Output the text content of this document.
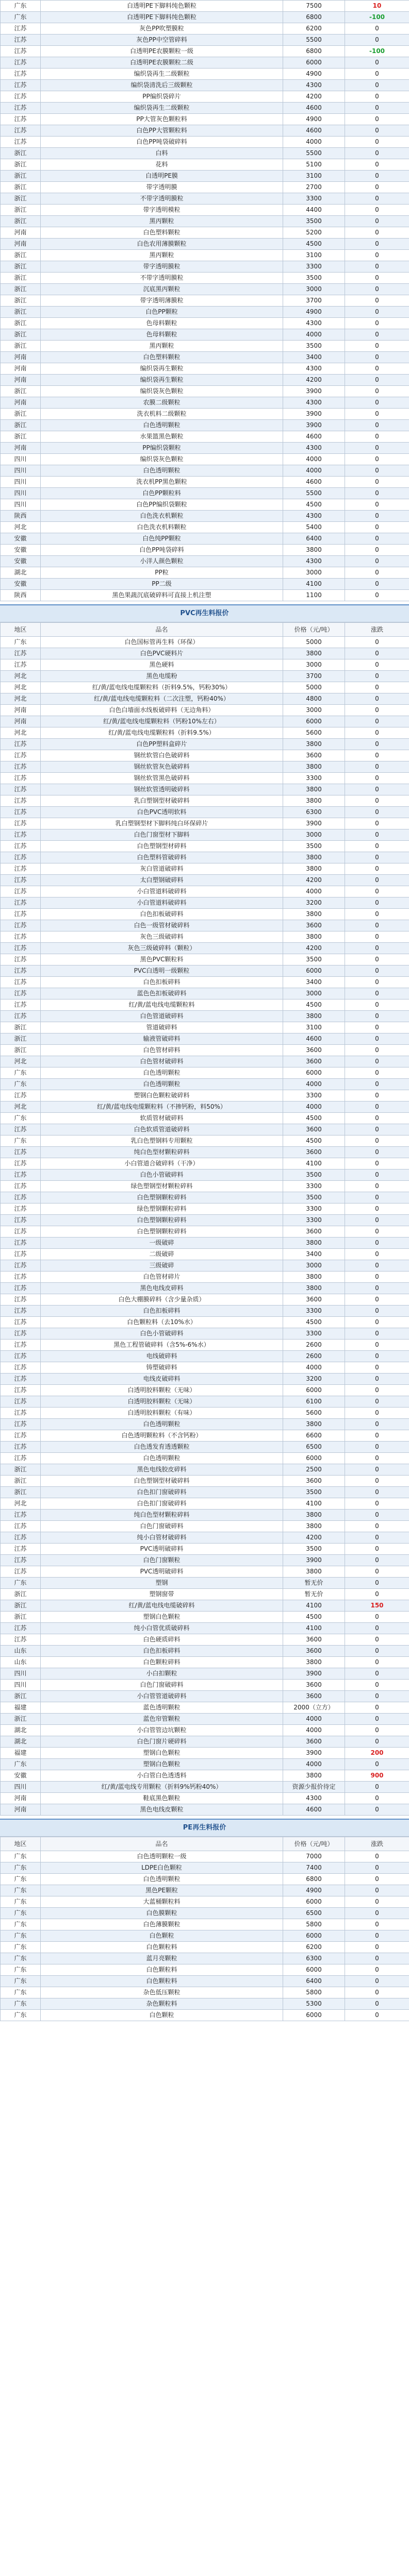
广东	白透明PE下脚料纯色颗粒	7500	10
广东	白透明PE下脚料纯色颗粒	6800	-100
江苏	灰色PP吹塑膜粒	6200	0
江苏	灰色PP中空管碎料	5500	0
江苏	白透明PE农膜颗粒一级	6800	-100
江苏	白透明PE农膜颗粒二级	6000	0
江苏	编织袋再生二级颗粒	4900	0
江苏	编织袋清洗后三级颗粒	4300	0
江苏	PP编织袋碎片	4200	0
江苏	编织袋再生二级颗粒	4600	0
江苏	PP大管灰色颗粒料	4900	0
江苏	白色PP大管颗粒料	4600	0
江苏	白色PP吨袋破碎料	4000	0
浙江	白料	5500	0
浙江	花料	5100	0
浙江	白透明PE膜	3100	0
浙江	带字透明膜	2700	0
浙江	不带字透明膜粒	3300	0
浙江	带字透明模粒	4400	0
浙江	黑丙颗粒	3500	0
河南	白色塑料颗粒	5200	0
河南	白色农用薄膜颗粒	4500	0
浙江	黑丙颗粒	3100	0
浙江	带字透明膜粒	3300	0
浙江	不带字透明膜粒	3500	0
浙江	沉底黑丙颗粒	3000	0
浙江	带字透明薄膜粒	3700	0
浙江	白色PP颗粒	4900	0
浙江	色母料颗粒	4300	0
浙江	色母料颗粒	4000	0
浙江	黑丙颗粒	3500	0
河南	白色塑料颗粒	3400	0
河南	编织袋再生颗粒	4300	0
河南	编织袋再生颗粒	4200	0
浙江	编织袋灰色颗粒	3900	0
河南	农膜二级颗粒	4300	0
浙江	洗衣机料二级颗粒	3900	0
浙江	白色透明颗粒	3900	0
浙江	水果篮黑色颗粒	4600	0
河南	PP编织袋颗粒	4300	0
四川	编织袋灰色颗粒	4000	0
四川	白色透明颗粒	4000	0
四川	洗衣机PP黑色颗粒	4600	0
四川	白色PP颗粒料	5500	0
四川	白色PP编织袋颗粒	4500	0
陕西	白色洗衣机颗粒	4300	0
河北	白色洗衣机料颗粒	5400	0
安徽	白色纯PP颗粒	6400	0
安徽	白色PP吨袋碎料	3800	0
安徽	小洋人颜色颗粒	4300	0
湖北	PP粒	3000	0
安徽	PP二级	4100	0
陕西	黑色果蔬沉底破碎料可直接上机注塑	1100	0
PVC再生料报价
地区	品名	价格（元/吨）	涨跌
广东	白色国标管再生料（环保）	5000	0
江苏	白色PVC硬料片	3800	0
江苏	黑色硬料	3000	0
河北	黑色电缆粉	3700	0
河北	红/黄/蓝电线电缆颗粒料（折料9.5%，钙粉30%）	5000	0
河北	红/黄/蓝电线电缆颗粒料（二次注塑，钙粉40%）	4800	0
河南	白色白墙面水线板破碎料（无边角料）	3000	0
河南	红/黄/蓝电线电缆颗粒料（钙粉10%左右）	6000	0
河北	红/黄/蓝电线电缆颗粒料（折料9.5%）	5600	0
江苏	白色PP塑料盒碎片	3800	0
江苏	钢丝软管白色破碎料	3600	0
江苏	钢丝软管灰色破碎料	3800	0
江苏	钢丝软管黑色破碎料	3300	0
江苏	钢丝软管透明破碎料	3800	0
江苏	乳白塑钢型材破碎料	3800	0
江苏	白色PVC透明软料	6300	0
江苏	乳白塑钢型材下脚料纯白环保碎片	3900	0
江苏	白色门窗型材下脚料	3000	0
江苏	白色塑钢型材碎料	3500	0
江苏	白色塑料管破碎料	3800	0
江苏	灰白管道破碎料	3800	0
江苏	太白塑钢破碎料	4200	0
江苏	小白管道料破碎料	4000	0
江苏	小白管道料破碎料	3200	0
江苏	白色扣板破碎料	3800	0
江苏	白色一级管材破碎料	3600	0
江苏	灰色三级破碎料	3800	0
江苏	灰色三级破碎料（颗粒）	4200	0
江苏	黑色PVC颗粒料	3500	0
江苏	PVC白透明一级颗粒	6000	0
江苏	白色扣板碎料	3400	0
江苏	蓝色色扣板破碎料	3000	0
江苏	红/黄/蓝电线电缆颗粒料	4500	0
江苏	白色管道破碎料	3800	0
浙江	管道破碎料	3100	0
浙江	输液管破碎料	4600	0
浙江	白色管材碎料	3600	0
河北	白色管材破碎料	3600	0
广东	白色透明颗粒	6000	0
广东	白色透明颗粒	4000	0
江苏	塑钢白色颗粒破碎料	3300	0
河北	红/黄/蓝电线电缆颗粒料（不掺钙粉，料50%）	4000	0
广东	软质管材破碎料	4500	0
江苏	白色软质管道破碎料	3600	0
广东	乳白色塑钢料专用颗粒	4500	0
江苏	纯白色型材颗粒碎料	3600	0
江苏	小白管道合破碎料（干净）	4100	0
江苏	白色小管破碎料	3500	0
江苏	绿色塑钢型材颗粒碎料	3300	0
江苏	白色塑钢颗粒碎料	3500	0
江苏	绿色塑钢颗粒碎料	3300	0
江苏	白色塑钢颗粒碎料	3300	0
江苏	白色塑钢颗粒碎料	3600	0
江苏	一级破碎	3800	0
江苏	二级破碎	3400	0
江苏	三级破碎	3000	0
江苏	白色管材碎片	3800	0
江苏	黑色电线皮碎料	3800	0
江苏	白色大棚膜碎料（含少量杂质）	3600	0
江苏	白色扣板碎料	3300	0
江苏	白色颗粒料（去10%水）	4500	0
江苏	白色小管破碎料	3300	0
江苏	黑色工程管破碎料（含5%-6%水）	2600	0
江苏	电线破碎料	2600	0
江苏	铸塑破碎料	4000	0
江苏	电线皮破碎料	3200	0
江苏	白透明胶料颗粒（无味）	6000	0
江苏	白透明胶料颗粒（无味）	6100	0
江苏	白透明胶料颗粒（有味）	5600	0
江苏	白色透明颗粒	3800	0
江苏	白色透明颗粒料（不含钙粉）	6600	0
江苏	白色透发育透透颗粒	6500	0
江苏	白色透明颗粒	6000	0
浙江	黑色电线胶皮碎料	2500	0
浙江	白色塑钢型材破碎料	3600	0
浙江	白色扣门窗破碎料	3500	0
河北	白色扣门窗破碎料	4100	0
江苏	纯白色型材颗粒碎料	3800	0
江苏	白色门窗破碎料	3800	0
江苏	纯小白管材破碎料	4200	0
江苏	PVC透明破碎料	3500	0
江苏	白色门窗颗粒	3900	0
江苏	PVC透明破碎料	3800	0
广东	塑钢	暂无价	0
浙江	塑钢窗带	暂无价	0
浙江	红/黄/蓝电线电缆破碎料	4100	150
浙江	塑钢白色颗粒	4500	0
江苏	纯小白管优质破碎料	4100	0
江苏	白色硬质碎料	3600	0
山东	白色扣板碎料	3600	0
山东	白色颗粒碎料	3800	0
四川	小白扣颗粒	3900	0
四川	白色门窗破碎料	3600	0
浙江	小白管管道破碎料	3600	0
福建	蓝色透明颗粒	2000（立方）	0
浙江	蓝色帘管颗粒	4000	0
湖北	小白管管边坑颗粒	4000	0
湖北	白色门窗片硬碎料	3600	0
福建	塑钢白色颗粒	3900	200
广东	塑钢白色颗粒	4000	0
安徽	小白管白色透透料	3800	900
四川	红/黄/蓝电线专用颗粒（折料9%钙粉40%）	资源少报价待定	0
河南	鞋底黑色颗粒	4300	0
河南	黑色电线皮颗粒	4600	0
PE再生料报价
地区	品名	价格（元/吨）	涨跌
广东	白色透明颗粒一级	7000	0
广东	LDPE白色颗粒	7400	0
广东	白色透明颗粒	6800	0
广东	黑色PE颗粒	4900	0
广东	大蓝桶颗粒料	6000	0
广东	白色膜颗粒	6500	0
广东	白色薄膜颗粒	5800	0
广东	白色颗粒	6000	0
广东	白色颗粒料	6200	0
广东	蓝月亮颗粒	6300	0
广东	白色颗粒料	6000	0
广东	白色颗粒料	6400	0
广东	杂色低压颗粒	5800	0
广东	杂色颗粒料	5300	0
广东	白色颗粒	6000	0
